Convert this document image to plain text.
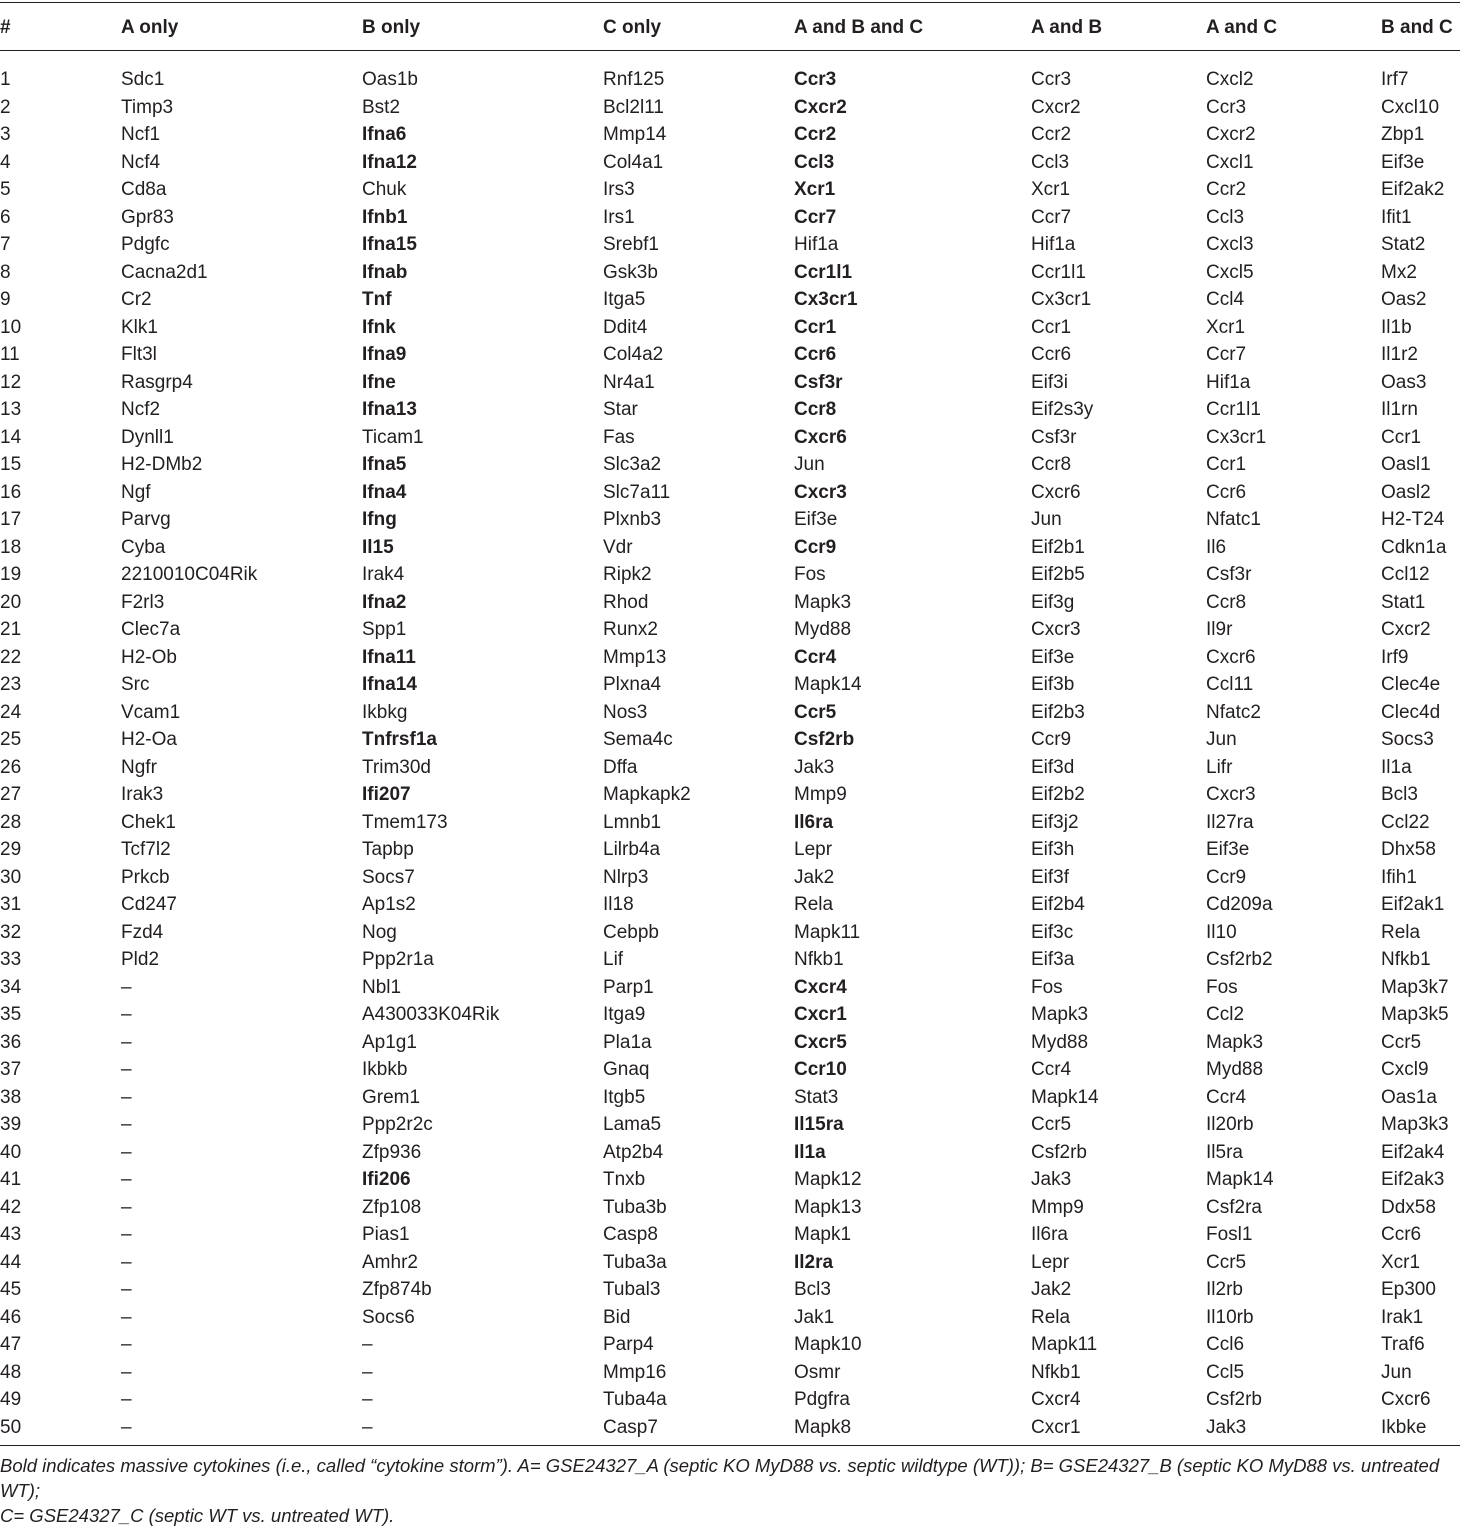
#	A only	B only	C only	A and B and C	A and B	A and C	B and C

1	Sdc1	Oas1b	Rnf125	Ccr3	Ccr3	Cxcl2	Irf7
2	Timp3	Bst2	Bcl2l11	Cxcr2	Cxcr2	Ccr3	Cxcl10
3	Ncf1	Ifna6	Mmp14	Ccr2	Ccr2	Cxcr2	Zbp1
4	Ncf4	Ifna12	Col4a1	Ccl3	Ccl3	Cxcl1	Eif3e
5	Cd8a	Chuk	Irs3	Xcr1	Xcr1	Ccr2	Eif2ak2
6	Gpr83	Ifnb1	Irs1	Ccr7	Ccr7	Ccl3	Ifit1
7	Pdgfc	Ifna15	Srebf1	Hif1a	Hif1a	Cxcl3	Stat2
8	Cacna2d1	Ifnab	Gsk3b	Ccr1l1	Ccr1l1	Cxcl5	Mx2
9	Cr2	Tnf	Itga5	Cx3cr1	Cx3cr1	Ccl4	Oas2
10	Klk1	Ifnk	Ddit4	Ccr1	Ccr1	Xcr1	Il1b
11	Flt3l	Ifna9	Col4a2	Ccr6	Ccr6	Ccr7	Il1r2
12	Rasgrp4	Ifne	Nr4a1	Csf3r	Eif3i	Hif1a	Oas3
13	Ncf2	Ifna13	Star	Ccr8	Eif2s3y	Ccr1l1	Il1rn
14	Dynll1	Ticam1	Fas	Cxcr6	Csf3r	Cx3cr1	Ccr1
15	H2-DMb2	Ifna5	Slc3a2	Jun	Ccr8	Ccr1	Oasl1
16	Ngf	Ifna4	Slc7a11	Cxcr3	Cxcr6	Ccr6	Oasl2
17	Parvg	Ifng	Plxnb3	Eif3e	Jun	Nfatc1	H2-T24
18	Cyba	Il15	Vdr	Ccr9	Eif2b1	Il6	Cdkn1a
19	2210010C04Rik	Irak4	Ripk2	Fos	Eif2b5	Csf3r	Ccl12
20	F2rl3	Ifna2	Rhod	Mapk3	Eif3g	Ccr8	Stat1
21	Clec7a	Spp1	Runx2	Myd88	Cxcr3	Il9r	Cxcr2
22	H2-Ob	Ifna11	Mmp13	Ccr4	Eif3e	Cxcr6	Irf9
23	Src	Ifna14	Plxna4	Mapk14	Eif3b	Ccl11	Clec4e
24	Vcam1	Ikbkg	Nos3	Ccr5	Eif2b3	Nfatc2	Clec4d
25	H2-Oa	Tnfrsf1a	Sema4c	Csf2rb	Ccr9	Jun	Socs3
26	Ngfr	Trim30d	Dffa	Jak3	Eif3d	Lifr	Il1a
27	Irak3	Ifi207	Mapkapk2	Mmp9	Eif2b2	Cxcr3	Bcl3
28	Chek1	Tmem173	Lmnb1	Il6ra	Eif3j2	Il27ra	Ccl22
29	Tcf7l2	Tapbp	Lilrb4a	Lepr	Eif3h	Eif3e	Dhx58
30	Prkcb	Socs7	Nlrp3	Jak2	Eif3f	Ccr9	Ifih1
31	Cd247	Ap1s2	Il18	Rela	Eif2b4	Cd209a	Eif2ak1
32	Fzd4	Nog	Cebpb	Mapk11	Eif3c	Il10	Rela
33	Pld2	Ppp2r1a	Lif	Nfkb1	Eif3a	Csf2rb2	Nfkb1
34	–	Nbl1	Parp1	Cxcr4	Fos	Fos	Map3k7
35	–	A430033K04Rik	Itga9	Cxcr1	Mapk3	Ccl2	Map3k5
36	–	Ap1g1	Pla1a	Cxcr5	Myd88	Mapk3	Ccr5
37	–	Ikbkb	Gnaq	Ccr10	Ccr4	Myd88	Cxcl9
38	–	Grem1	Itgb5	Stat3	Mapk14	Ccr4	Oas1a
39	–	Ppp2r2c	Lama5	Il15ra	Ccr5	Il20rb	Map3k3
40	–	Zfp936	Atp2b4	Il1a	Csf2rb	Il5ra	Eif2ak4
41	–	Ifi206	Tnxb	Mapk12	Jak3	Mapk14	Eif2ak3
42	–	Zfp108	Tuba3b	Mapk13	Mmp9	Csf2ra	Ddx58
43	–	Pias1	Casp8	Mapk1	Il6ra	Fosl1	Ccr6
44	–	Amhr2	Tuba3a	Il2ra	Lepr	Ccr5	Xcr1
45	–	Zfp874b	Tubal3	Bcl3	Jak2	Il2rb	Ep300
46	–	Socs6	Bid	Jak1	Rela	Il10rb	Irak1
47	–	–	Parp4	Mapk10	Mapk11	Ccl6	Traf6
48	–	–	Mmp16	Osmr	Nfkb1	Ccl5	Jun
49	–	–	Tuba4a	Pdgfra	Cxcr4	Csf2rb	Cxcr6
50	–	–	Casp7	Mapk8	Cxcr1	Jak3	Ikbke
Bold indicates massive cytokines (i.e., called “cytokine storm”). A= GSE24327_A (septic KO MyD88 vs. septic wildtype (WT)); B= GSE24327_B (septic KO MyD88 vs. untreated WT);
C= GSE24327_C (septic WT vs. untreated WT).
